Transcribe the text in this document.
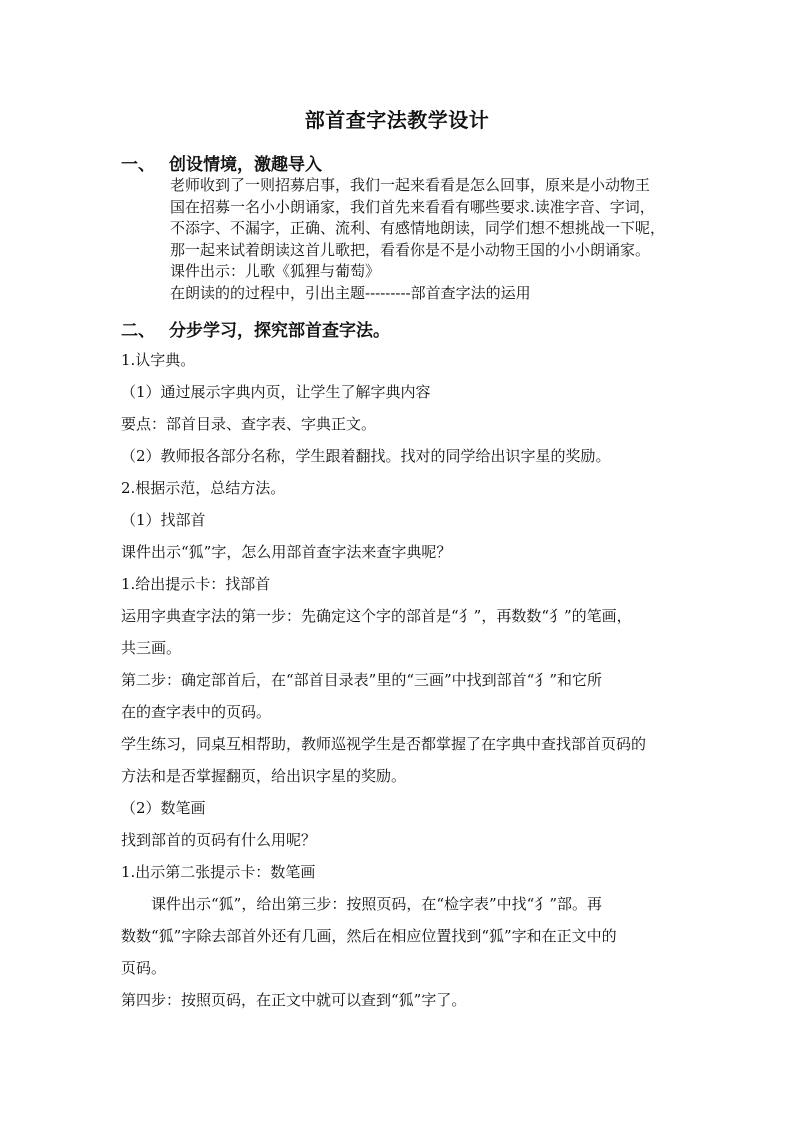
部首查字法教学设计
一、 创设情境，激趣导入
老师收到了一则招募启事，我们一起来看看是怎么回事，原来是小动物王
国在招募一名小小朗诵家，我们首先来看看有哪些要求.读准字音、字词，
不添字、不漏字，正确、流利、有感情地朗读，同学们想不想挑战一下呢，
那一起来试着朗读这首儿歌把，看看你是不是小动物王国的小小朗诵家。
课件出示：儿歌《狐狸与葡萄》
在朗读的的过程中，引出主题---------部首查字法的运用
二、 分步学习，探究部首查字法。
1.认字典。
（1）通过展示字典内页，让学生了解字典内容
要点：部首目录、查字表、字典正文。
（2）教师报各部分名称，学生跟着翻找。找对的同学给出识字星的奖励。
2.根据示范，总结方法。
（1）找部首
课件出示“狐”字，怎么用部首查字法来查字典呢？
1.给出提示卡：找部首
运用字典查字法的第一步：先确定这个字的部首是“犭”，再数数“犭”的笔画，
共三画。
第二步：确定部首后，在“部首目录表”里的“三画”中找到部首“犭”和它所
在的查字表中的页码。
学生练习，同桌互相帮助，教师巡视学生是否都掌握了在字典中查找部首页码的
方法和是否掌握翻页，给出识字星的奖励。
（2）数笔画
找到部首的页码有什么用呢？
1.出示第二张提示卡：数笔画
　　课件出示“狐”，给出第三步：按照页码，在“检字表”中找“犭”部。再
数数“狐”字除去部首外还有几画，然后在相应位置找到“狐”字和在正文中的
页码。
第四步：按照页码，在正文中就可以查到“狐”字了。
